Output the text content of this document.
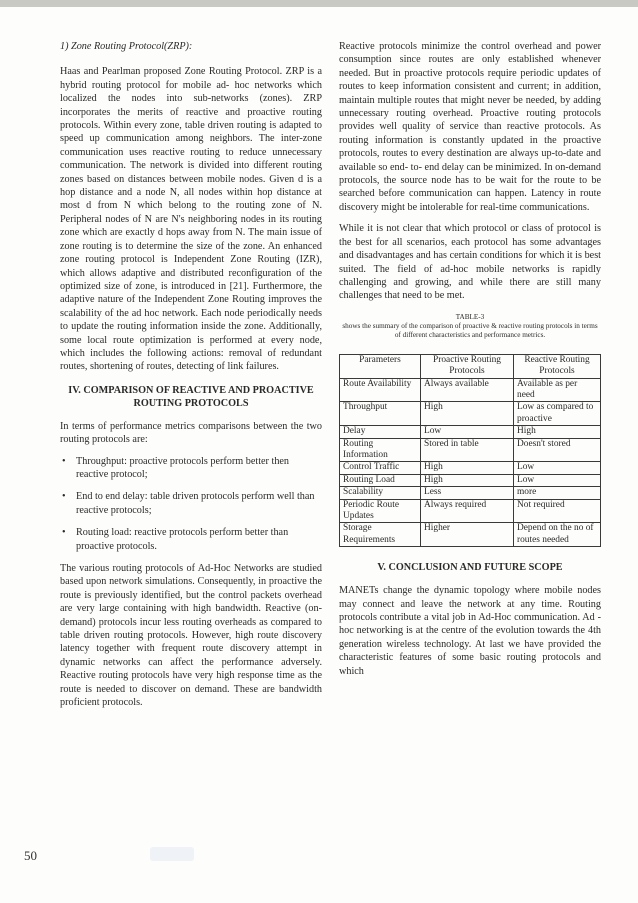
1) Zone Routing Protocol(ZRP):

Haas and Pearlman proposed Zone Routing Protocol. ZRP is a hybrid routing protocol for mobile ad- hoc networks which localized the nodes into sub-networks (zones). ZRP incorporates the merits of reactive and proactive routing protocols. Within every zone, table driven routing is adapted to speed up communication among neighbors. The inter-zone communication uses reactive routing to reduce unnecessary communication. The network is divided into different routing zones based on distances between mobile nodes. Given d is a hop distance and a node N, all nodes within hop distance at most d from N which belong to the routing zone of N. Peripheral nodes of N are N's neighboring nodes in its routing zone which are exactly d hops away from N. The main issue of zone routing is to determine the size of the zone. An enhanced zone routing protocol is Independent Zone Routing (IZR), which allows adaptive and distributed reconfiguration of the optimized size of zone, is introduced in [21]. Furthermore, the adaptive nature of the Independent Zone Routing improves the scalability of the ad hoc network. Each node periodically needs to update the routing information inside the zone. Additionally, some local route optimization is performed at every node, which includes the following actions: removal of redundant routes, shortening of routes, detecting of link failures.

IV. COMPARISON OF REACTIVE AND PROACTIVE ROUTING PROTOCOLS

In terms of performance metrics comparisons between the two routing protocols are:

• Throughput: proactive protocols perform better then reactive protocol;
• End to end delay: table driven protocols perform well than reactive protocols;
• Routing load: reactive protocols perform better than proactive protocols.

The various routing protocols of Ad-Hoc Networks are studied based upon network simulations. Consequently, in proactive the route is previously identified, but the control packets overhead are very large containing with high bandwidth. Reactive (on-demand) protocols incur less routing overheads as compared to table driven routing protocols. However, high route discovery latency together with frequent route discovery attempt in dynamic networks can affect the performance adversely. Reactive routing protocols have very high response time as the route is needed to discover on demand. These are bandwidth proficient protocols.

Reactive protocols minimize the control overhead and power consumption since routes are only established whenever needed. But in proactive protocols require periodic updates of routes to keep information consistent and current; in addition, maintain multiple routes that might never be needed, by adding unnecessary routing overhead. Proactive routing protocols provides well quality of service than reactive protocols. As routing information is constantly updated in the proactive protocols, routes to every destination are always up-to-date and available so end- to- end delay can be minimized. In on-demand protocols, the source node has to be wait for the route to be searched before communication can happen. Latency in route discovery might be intolerable for real-time communications.

While it is not clear that which protocol or class of protocol is the best for all scenarios, each protocol has some advantages and disadvantages and has certain conditions for which it is best suited. The field of ad-hoc mobile networks is rapidly challenging and growing, and while there are still many challenges that need to be met.

TABLE-3

shows the summary of the comparison of proactive & reactive routing protocols in terms of different characteristics and performance metrics.

Parameters	Proactive Routing Protocols	Reactive Routing Protocols
Route Availability	Always available	Available as per need
Throughput	High	Low as compared to proactive
Delay	Low	High
Routing Information	Stored in table	Doesn't stored
Control Traffic	High	Low
Routing Load	High	Low
Scalability	Less	more
Periodic Route Updates	Always required	Not required
Storage Requirements	Higher	Depend on the no of routes needed

V. CONCLUSION AND FUTURE SCOPE

MANETs change the dynamic topology where mobile nodes may connect and leave the network at any time. Routing protocols contribute a vital job in Ad-Hoc communication. Ad -hoc networking is at the centre of the evolution towards the 4th generation wireless technology. At last we have provided the characteristic features of some basic routing protocols and which

50
